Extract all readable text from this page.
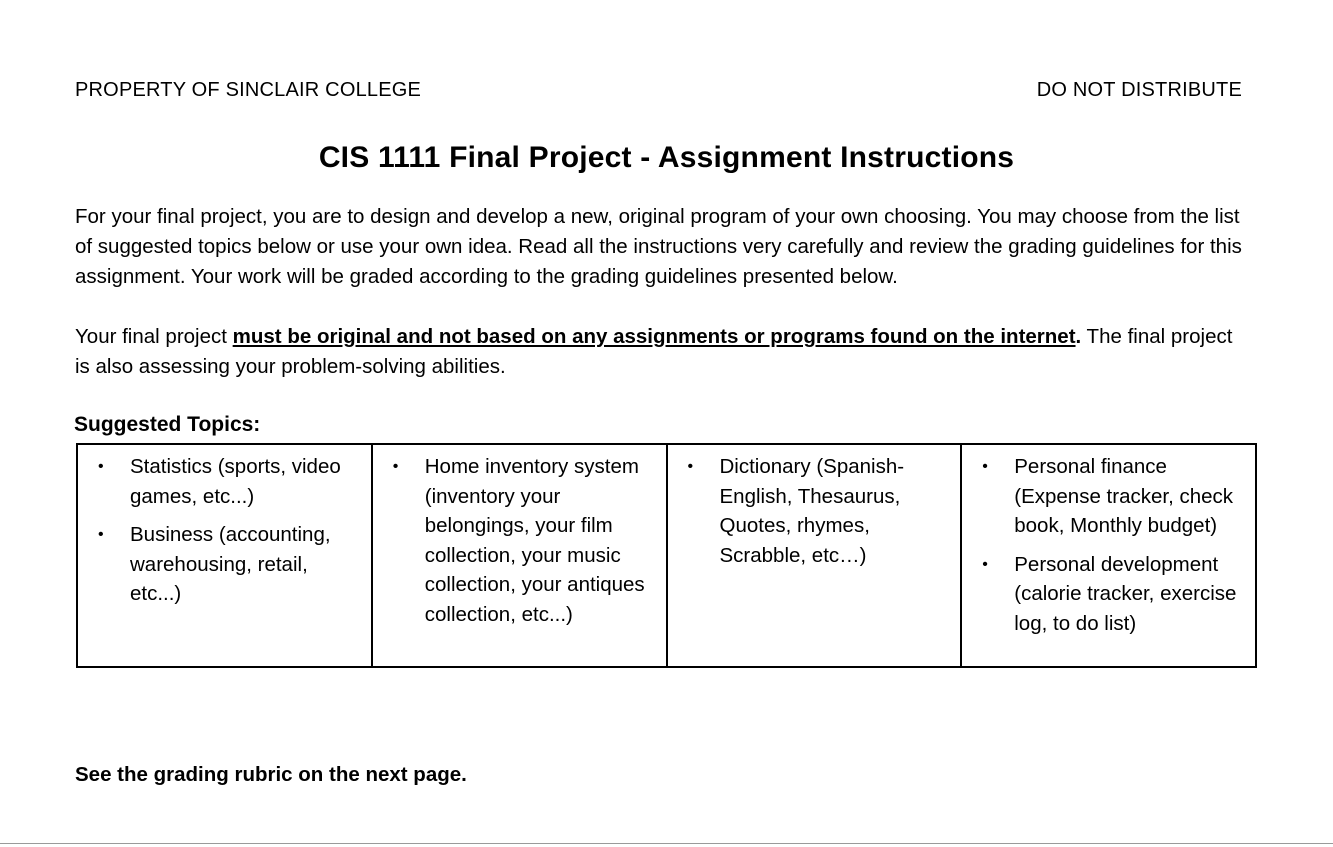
PROPERTY OF SINCLAIR COLLEGE	DO NOT DISTRIBUTE
CIS 1111 Final Project - Assignment Instructions

For your final project, you are to design and develop a new, original program of your own choosing. You may choose from the list of suggested topics below or use your own idea. Read all the instructions very carefully and review the grading guidelines for this assignment. Your work will be graded according to the grading guidelines presented below.

Your final project must be original and not based on any assignments or programs found on the internet. The final project is also assessing your problem-solving abilities.

Suggested Topics:
• Statistics (sports, video games, etc...)
• Business (accounting, warehousing, retail, etc...)
• Home inventory system (inventory your belongings, your film collection, your music collection, your antiques collection, etc...)
• Dictionary (Spanish-English, Thesaurus, Quotes, rhymes, Scrabble, etc…)
• Personal finance (Expense tracker, check book, Monthly budget)
• Personal development (calorie tracker, exercise log, to do list)
See the grading rubric on the next page.
